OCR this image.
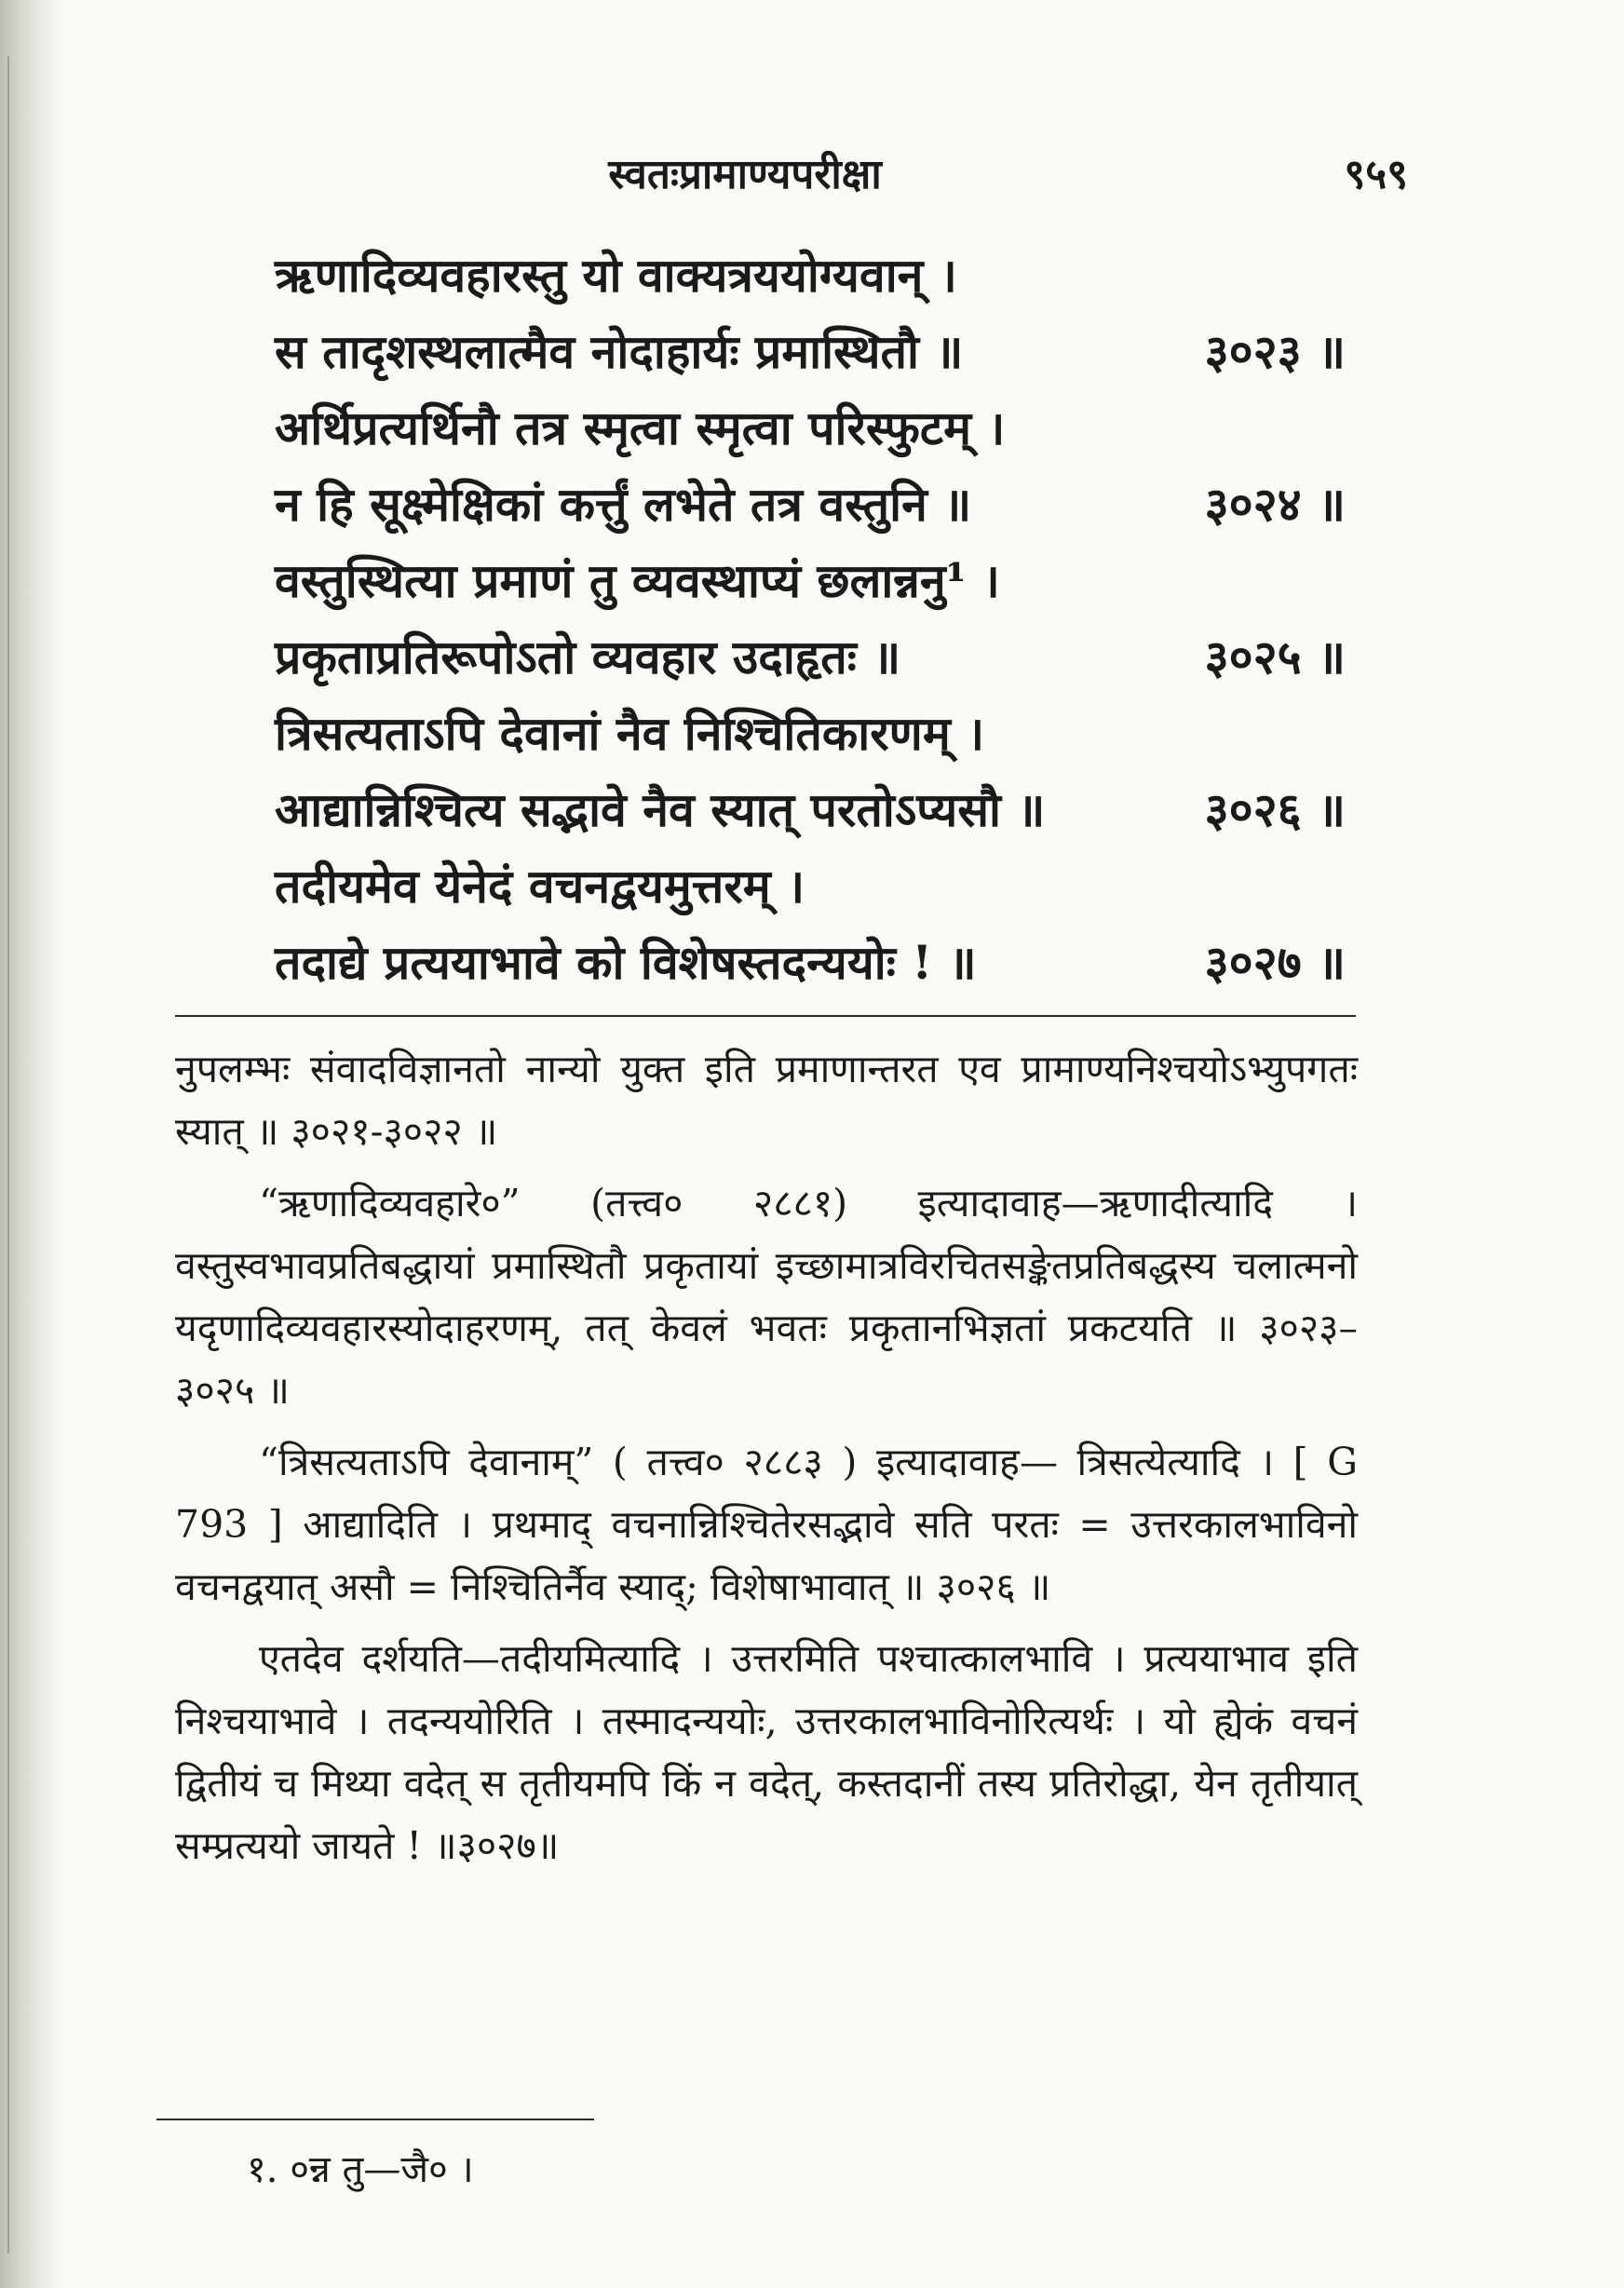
स्वतःप्रामाण्यपरीक्षा	९५९
ऋणादिव्यवहारस्तु यो वाक्यत्रययोग्यवान् ।
स तादृशस्थलात्मैव नोदाहार्यः प्रमास्थितौ ॥	३०२३ ॥
अर्थिप्रत्यर्थिनौ तत्र स्मृत्वा स्मृत्वा परिस्फुटम् ।
न हि सूक्ष्मेक्षिकां कर्त्तुं लभेते तत्र वस्तुनि ॥	३०२४ ॥
वस्तुस्थित्या प्रमाणं तु व्यवस्थाप्यं छलान्ननु¹ ।
प्रकृताप्रतिरूपोऽतो व्यवहार उदाहृतः ॥	३०२५ ॥
त्रिसत्यताऽपि देवानां नैव निश्चितिकारणम् ।
आद्यान्निश्चित्य सद्भावे नैव स्यात् परतोऽप्यसौ ॥	३०२६ ॥
तदीयमेव येनेदं वचनद्वयमुत्तरम् ।
तदाद्ये प्रत्ययाभावे को विशेषस्तदन्ययोः ! ॥	३०२७ ॥

नुपलम्भः संवादविज्ञानतो नान्यो युक्त इति प्रमाणान्तरत एव प्रामाण्यनिश्चयोऽभ्युपगतः स्यात् ॥ ३०२१-३०२२ ॥

“ऋणादिव्यवहारे०” (तत्त्व० २८८१) इत्यादावाह—ऋणादीत्यादि । वस्तुस्वभावप्रतिबद्धायां प्रमास्थितौ प्रकृतायां इच्छामात्रविरचितसङ्केतप्रतिबद्धस्य चलात्मनो यदृणादिव्यवहारस्योदाहरणम्, तत् केवलं भवतः प्रकृतानभिज्ञतां प्रकटयति ॥ ३०२३–३०२५ ॥

“त्रिसत्यताऽपि देवानाम्” ( तत्त्व० २८८३ ) इत्यादावाह— त्रिसत्येत्यादि । [ G 793 ] आद्यादिति । प्रथमाद् वचनान्निश्चितेरसद्भावे सति परतः = उत्तरकालभाविनो वचनद्वयात् असौ = निश्चितिर्नैव स्याद्; विशेषाभावात् ॥ ३०२६ ॥

एतदेव दर्शयति—तदीयमित्यादि । उत्तरमिति पश्चात्कालभावि । प्रत्ययाभाव इति निश्चयाभावे । तदन्ययोरिति । तस्मादन्ययोः, उत्तरकालभाविनोरित्यर्थः । यो ह्येकं वचनं द्वितीयं च मिथ्या वदेत् स तृतीयमपि किं न वदेत्, कस्तदानीं तस्य प्रतिरोद्धा, येन तृतीयात् सम्प्रत्ययो जायते ! ॥३०२७॥

१. ०न्न तु—जै० ।
